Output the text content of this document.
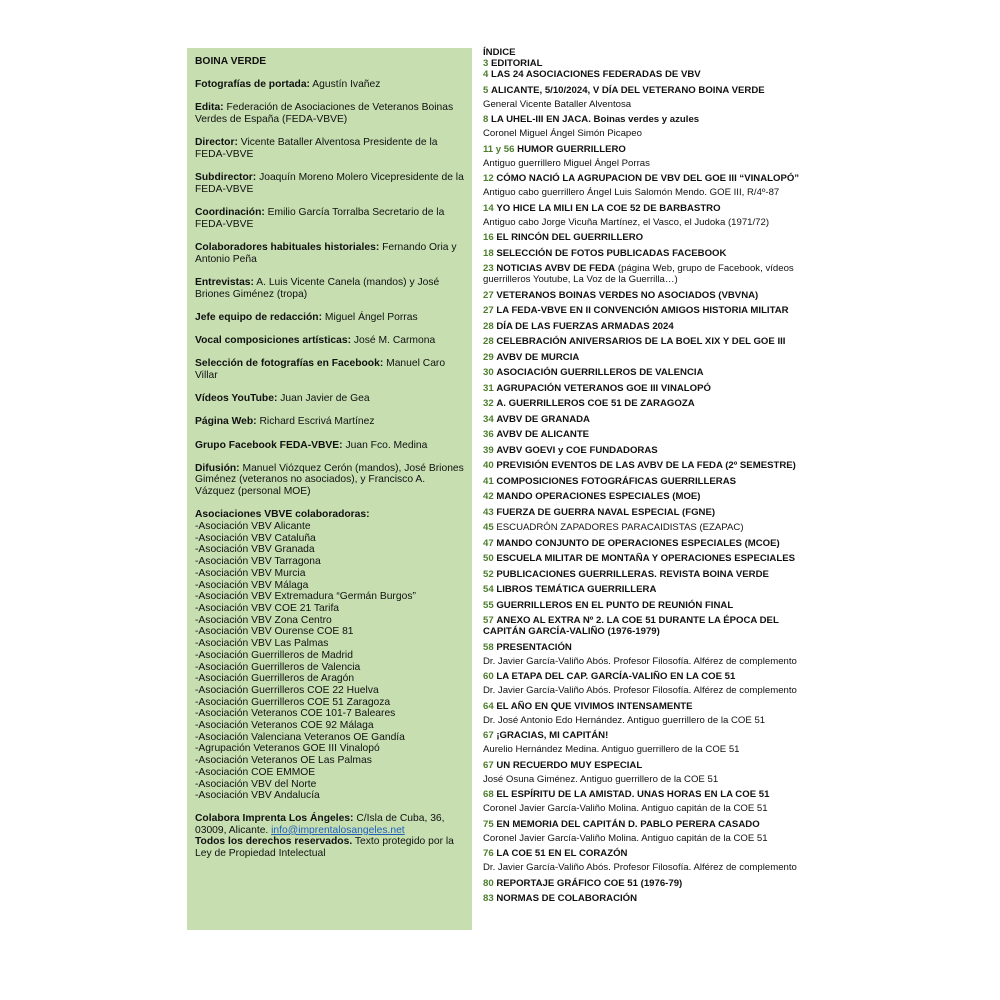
BOINA VERDE
Fotografías de portada: Agustín Ivañez
Edita: Federación de Asociaciones de Veteranos Boinas Verdes de España (FEDA-VBVE)
Director: Vicente Bataller Alventosa Presidente de la FEDA-VBVE
Subdirector: Joaquín Moreno Molero Vicepresidente de la FEDA-VBVE
Coordinación: Emilio García Torralba Secretario de la FEDA-VBVE
Colaboradores habituales historiales: Fernando Oria y Antonio Peña
Entrevistas: A. Luis Vicente Canela (mandos) y José Briones Giménez (tropa)
Jefe equipo de redacción: Miguel Ángel Porras
Vocal composiciones artísticas: José M. Carmona
Selección de fotografías en Facebook: Manuel Caro Villar
Vídeos YouTube: Juan Javier de Gea
Página Web: Richard Escrivá Martínez
Grupo Facebook FEDA-VBVE: Juan Fco. Medina
Difusión: Manuel Viózquez Cerón (mandos), José Briones Giménez (veteranos no asociados), y Francisco A. Vázquez (personal MOE)
Asociaciones VBVE colaboradoras:
-Asociación VBV Alicante
-Asociación VBV Cataluña
-Asociación VBV Granada
-Asociación VBV Tarragona
-Asociación VBV Murcia
-Asociación VBV Málaga
-Asociación VBV Extremadura “Germán Burgos”
-Asociación VBV COE 21 Tarifa
-Asociación VBV Zona Centro
-Asociación VBV Ourense COE 81
-Asociación VBV Las Palmas
-Asociación Guerrilleros de Madrid
-Asociación Guerrilleros de Valencia
-Asociación Guerrilleros de Aragón
-Asociación Guerrilleros COE 22 Huelva
-Asociación Guerrilleros COE 51 Zaragoza
-Asociación Veteranos COE 101-7 Baleares
-Asociación Veteranos COE 92 Málaga
-Asociación Valenciana Veteranos OE Gandía
-Agrupación Veteranos GOE III Vinalopó
-Asociación Veteranos OE Las Palmas
-Asociación COE EMMOE
-Asociación VBV del Norte
-Asociación VBV Andalucía
Colabora Imprenta Los Ángeles: C/Isla de Cuba, 36, 03009, Alicante. info@imprentalosangeles.net
Todos los derechos reservados. Texto protegido por la Ley de Propiedad Intelectual
ÍNDICE
3 EDITORIAL
4 LAS 24 ASOCIACIONES FEDERADAS DE VBV
5 ALICANTE, 5/10/2024, V DÍA DEL VETERANO BOINA VERDE
General Vicente Bataller Alventosa
8 LA UHEL-III EN JACA. Boinas verdes y azules
Coronel Miguel Ángel Simón Picapeo
11 y 56 HUMOR GUERRILLERO
Antiguo guerrillero Miguel Ángel Porras
12 CÓMO NACIÓ LA AGRUPACION DE VBV DEL GOE III “VINALOPÓ”
Antiguo cabo guerrillero Ángel Luis Salomón Mendo. GOE III, R/4º-87
14 YO HICE LA MILI EN LA COE 52 DE BARBASTRO
Antiguo cabo Jorge Vicuña Martínez, el Vasco, el Judoka (1971/72)
16 EL RINCÓN DEL GUERRILLERO
18 SELECCIÓN DE FOTOS PUBLICADAS FACEBOOK
23 NOTICIAS AVBV DE FEDA (página Web, grupo de Facebook, vídeos guerrilleros Youtube, La Voz de la Guerrilla…)
27 VETERANOS BOINAS VERDES NO ASOCIADOS (VBVNA)
27 LA FEDA-VBVE EN II CONVENCIÓN AMIGOS HISTORIA MILITAR
28 DÍA DE LAS FUERZAS ARMADAS 2024
28 CELEBRACIÓN ANIVERSARIOS DE LA BOEL XIX Y DEL GOE III
29 AVBV DE MURCIA
30 ASOCIACIÓN GUERRILLEROS DE VALENCIA
31 AGRUPACIÓN VETERANOS GOE III VINALOPÓ
32 A. GUERRILLEROS COE 51 DE ZARAGOZA
34 AVBV DE GRANADA
36 AVBV DE ALICANTE
39 AVBV GOEVI y COE FUNDADORAS
40 PREVISIÓN EVENTOS DE LAS AVBV DE LA FEDA (2º SEMESTRE)
41 COMPOSICIONES FOTOGRÁFICAS GUERRILLERAS
42 MANDO OPERACIONES ESPECIALES (MOE)
43 FUERZA DE GUERRA NAVAL ESPECIAL (FGNE)
45 ESCUADRÓN ZAPADORES PARACAIDISTAS (EZAPAC)
47 MANDO CONJUNTO DE OPERACIONES ESPECIALES (MCOE)
50 ESCUELA MILITAR DE MONTAÑA Y OPERACIONES ESPECIALES
52 PUBLICACIONES GUERRILLERAS. REVISTA BOINA VERDE
54 LIBROS TEMÁTICA GUERRILLERA
55 GUERRILLEROS EN EL PUNTO DE REUNIÓN FINAL
57 ANEXO AL EXTRA Nº 2. LA COE 51 DURANTE LA ÉPOCA DEL CAPITÁN GARCÍA-VALIÑO (1976-1979)
58 PRESENTACIÓN
Dr. Javier García-Valiño Abós. Profesor Filosofía. Alférez de complemento
60 LA ETAPA DEL CAP. GARCÍA-VALIÑO EN LA COE 51
Dr. Javier García-Valiño Abós. Profesor Filosofía. Alférez de complemento
64 EL AÑO EN QUE VIVIMOS INTENSAMENTE
Dr. José Antonio Edo Hernández. Antiguo guerrillero de la COE 51
67 ¡GRACIAS, MI CAPITÁN!
Aurelio Hernández Medina. Antiguo guerrillero de la COE 51
67 UN RECUERDO MUY ESPECIAL
José Osuna Giménez. Antiguo guerrillero de la COE 51
68 EL ESPÍRITU DE LA AMISTAD. UNAS HORAS EN LA COE 51
Coronel Javier García-Valiño Molina. Antiguo capitán de la COE 51
75 EN MEMORIA DEL CAPITÁN D. PABLO PERERA CASADO
Coronel Javier García-Valiño Molina. Antiguo capitán de la COE 51
76 LA COE 51 EN EL CORAZÓN
Dr. Javier García-Valiño Abós. Profesor Filosofía. Alférez de complemento
80 REPORTAJE GRÁFICO COE 51 (1976-79)
83 NORMAS DE COLABORACIÓN
